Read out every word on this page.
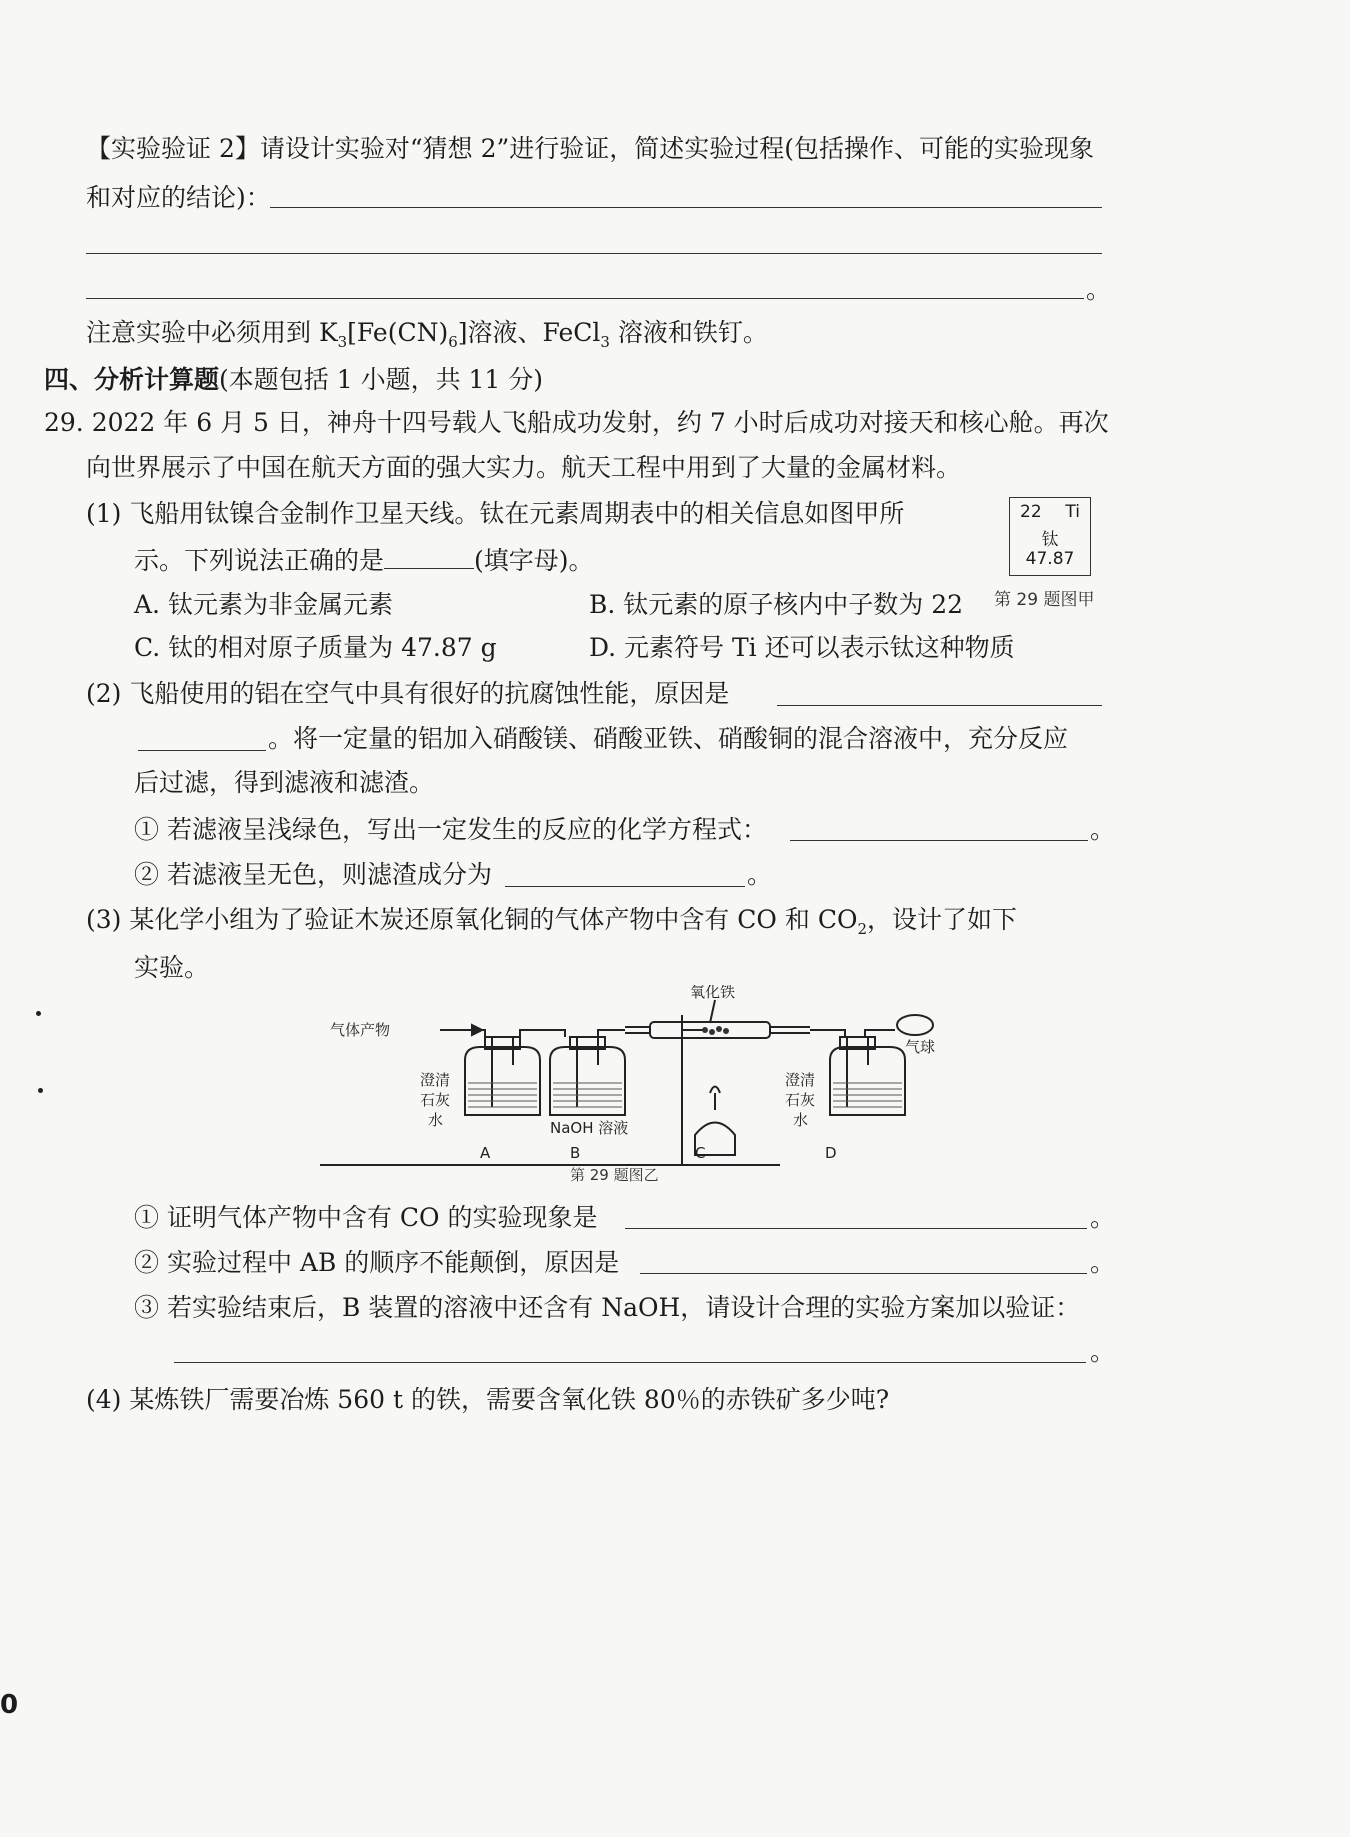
【实验验证 2】请设计实验对“猜想 2”进行验证，简述实验过程(包括操作、可能的实验现象
和对应的结论)：
。
注意实验中必须用到 $K_3[Fe(CN)_6]$溶液、FeCl$_3$ 溶液和铁钉。
四、分析计算题(本题包括 1 小题，共 11 分)
29. 2022 年 6 月 5 日，神舟十四号载人飞船成功发射，约 7 小时后成功对接天和核心舱。再次
向世界展示了中国在航天方面的强大实力。航天工程中用到了大量的金属材料。
(1) 飞船用钛镍合金制作卫星天线。钛在元素周期表中的相关信息如图甲所
示。下列说法正确的是	(填字母)。
22 Ti
钛
47.87
第 29 题图甲
A. 钛元素为非金属元素	B. 钛元素的原子核内中子数为 22
C. 钛的相对原子质量为 47.87 g	D. 元素符号 Ti 还可以表示钛这种物质
(2) 飞船使用的铝在空气中具有很好的抗腐蚀性能，原因是
。将一定量的铝加入硝酸镁、硝酸亚铁、硝酸铜的混合溶液中，充分反应
后过滤，得到滤液和滤渣。
① 若滤液呈浅绿色，写出一定发生的反应的化学方程式：	。
② 若滤液呈无色，则滤渣成分为	。
(3) 某化学小组为了验证木炭还原氧化铜的气体产物中含有 CO 和 $CO_2$，设计了如下
实验。
气体产物
氧化铁
气球
澄清
石灰
水	NaOH 溶液
澄清
石灰
水
A	B	C	D
第 29 题图乙
① 证明气体产物中含有 CO 的实验现象是	。
② 实验过程中 AB 的顺序不能颠倒，原因是	。
③ 若实验结束后，B 装置的溶液中还含有 NaOH，请设计合理的实验方案加以验证：
。
(4) 某炼铁厂需要冶炼 560 t 的铁，需要含氧化铁 80％的赤铁矿多少吨?
0
